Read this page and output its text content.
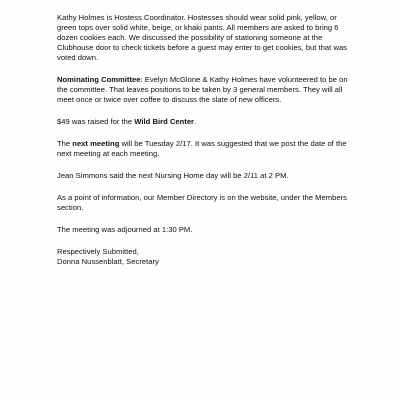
Kathy Holmes is Hostess Coordinator. Hostesses should wear solid pink, yellow, or green tops over solid white, beige, or khaki pants. All members are asked to bring 6 dozen cookies each. We discussed the possibility of stationing someone at the Clubhouse door to check tickets before a guest may enter to get cookies, but that was voted down.

Nominating Committee: Evelyn McGlone & Kathy Holmes have volunteered to be on the committee. That leaves positions to be taken by 3 general members. They will all meet once or twice over coffee to discuss the slate of new officers.

$49 was raised for the Wild Bird Center.

The next meeting will be Tuesday 2/17. It was suggested that we post the date of the next meeting at each meeting.

Jean Simmons said the next Nursing Home day will be 2/11 at 2 PM.

As a point of information, our Member Directory is on the website, under the Members section.

The meeting was adjourned at 1:30 PM.

Respectively Submitted,

Donna Nussenblatt, Secretary
